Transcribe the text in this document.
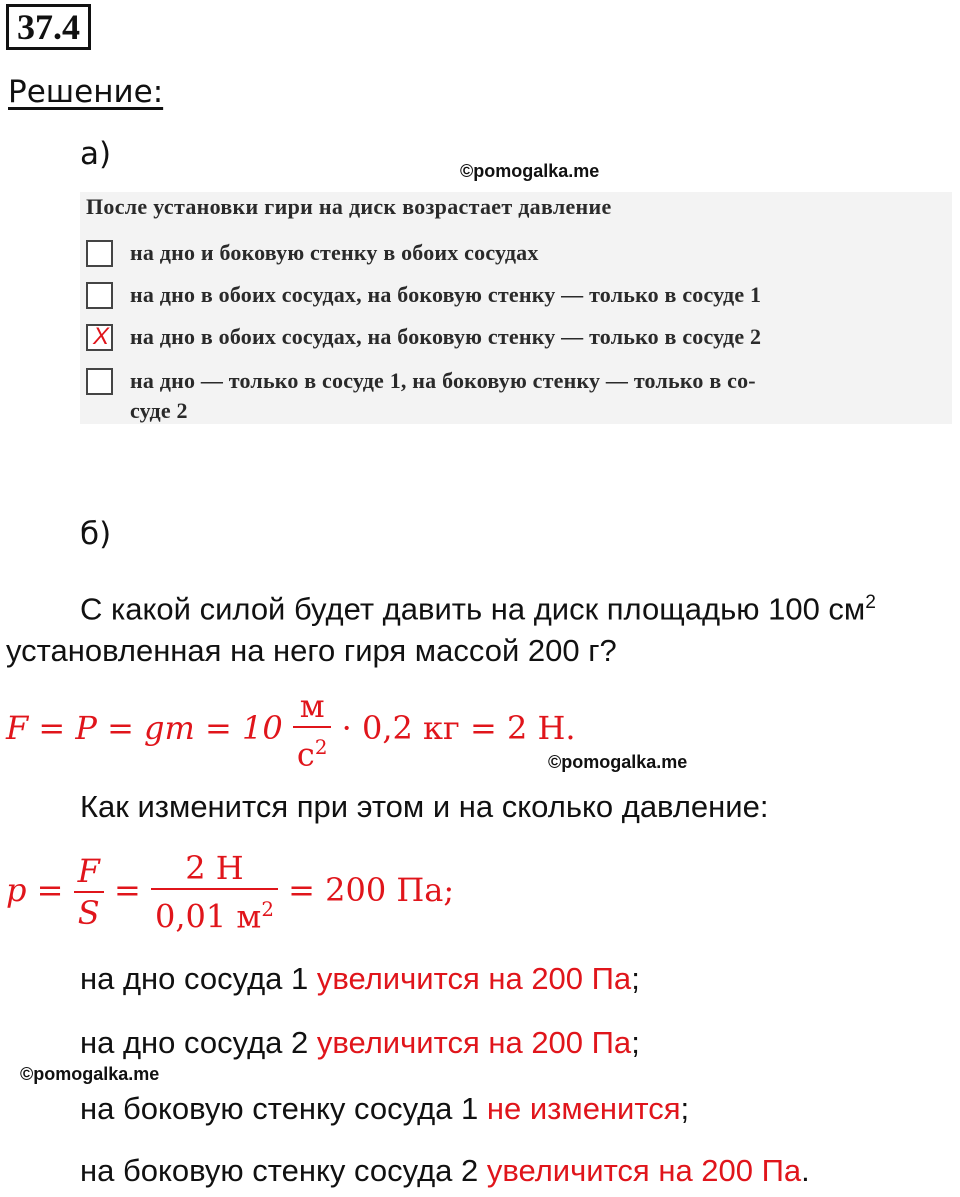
37.4
Решение:
а)	©pomogalka.me
После установки гири на диск возрастает давление
на дно и боковую стенку в обоих сосудах
на дно в обоих сосудах, на боковую стенку — только в сосуде 1
X на дно в обоих сосудах, на боковую стенку — только в сосуде 2
на дно — только в сосуде 1, на боковую стенку — только в со-
суде 2
б)
С какой силой будет давить на диск площадью 100 $см^2$
установленная на него гиря массой 200 г?
F = P = gm = $10 \frac{м}{с^2} \cdot 0,2$ кг = 2 Н.
©pomogalka.me
Как изменится при этом и на сколько давление:
$p = \frac{F}{S} = \frac{2 Н}{0,01 м^2} = 200$ Па;
на дно сосуда 1 увеличится на 200 Па;
на дно сосуда 2 увеличится на 200 Па;
©pomogalka.me
на боковую стенку сосуда 1 не изменится;
на боковую стенку сосуда 2 увеличится на 200 Па.
